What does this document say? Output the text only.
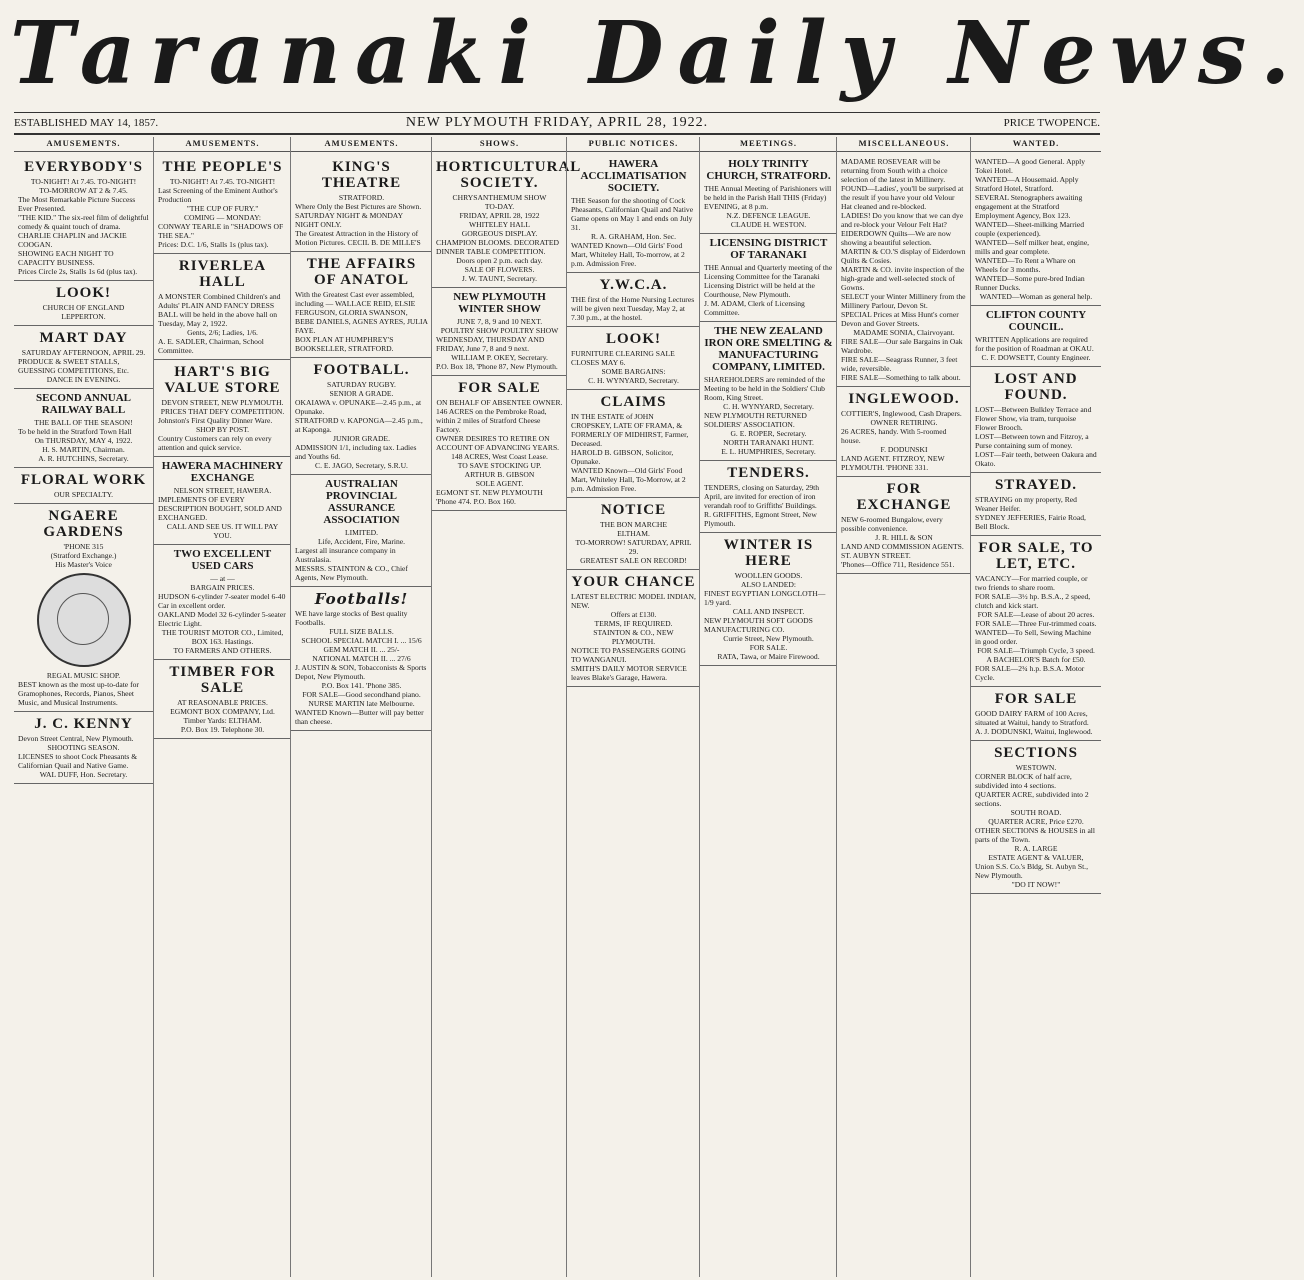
Taranaki Daily News.
ESTABLISHED MAY 14, 1857.	NEW PLYMOUTH FRIDAY, APRIL 28, 1922.	PRICE TWOPENCE.
AMUSEMENTS.
EVERYBODY'S

TO-NIGHT! At 7.45. TO-NIGHT!

TO-MORROW AT 2 & 7.45.

The Most Remarkable Picture Success Ever Presented.

"THE KID." The six-reel film of delightful comedy & quaint touch of drama.

CHARLIE CHAPLIN and JACKIE COOGAN.

SHOWING EACH NIGHT TO CAPACITY BUSINESS.

Prices Circle 2s, Stalls 1s 6d (plus tax).

LOOK!

CHURCH OF ENGLAND

LEPPERTON.

MART DAY

SATURDAY AFTERNOON, APRIL 29.

PRODUCE & SWEET STALLS, GUESSING COMPETITIONS, Etc.

DANCE IN EVENING.

SECOND ANNUAL RAILWAY BALL

THE BALL OF THE SEASON!

To be held in the Stratford Town Hall

On THURSDAY, MAY 4, 1922.

H. S. MARTIN, Chairman.

A. R. HUTCHINS, Secretary.

FLORAL WORK

OUR SPECIALTY.

NGAERE GARDENS

'PHONE 315

(Stratford Exchange.)

His Master's Voice

REGAL MUSIC SHOP.

BEST known as the most up-to-date for Gramophones, Records, Pianos, Sheet Music, and Musical Instruments.

J. C. KENNY

Devon Street Central, New Plymouth.

SHOOTING SEASON.

LICENSES to shoot Cock Pheasants & Californian Quail and Native Game.

WAL DUFF, Hon. Secretary.

AMUSEMENTS.
THE PEOPLE'S

TO-NIGHT! At 7.45. TO-NIGHT!

Last Screening of the Eminent Author's Production

"THE CUP OF FURY."

COMING — MONDAY:

CONWAY TEARLE in "SHADOWS OF THE SEA."

Prices: D.C. 1/6, Stalls 1s (plus tax).

RIVERLEA HALL

A MONSTER Combined Children's and Adults' PLAIN AND FANCY DRESS BALL will be held in the above hall on Tuesday, May 2, 1922.

Gents, 2/6; Ladies, 1/6.

A. E. SADLER, Chairman, School Committee.

HART'S BIG VALUE STORE

DEVON STREET, NEW PLYMOUTH.

PRICES THAT DEFY COMPETITION.

Johnston's First Quality Dinner Ware.

SHOP BY POST.

Country Customers can rely on every attention and quick service.

HAWERA MACHINERY EXCHANGE

NELSON STREET, HAWERA.

IMPLEMENTS OF EVERY DESCRIPTION BOUGHT, SOLD AND EXCHANGED.

CALL AND SEE US. IT WILL PAY YOU.

TWO EXCELLENT USED CARS

— at —

BARGAIN PRICES.

HUDSON 6-cylinder 7-seater model 6-40 Car in excellent order.

OAKLAND Model 32 6-cylinder 5-seater Electric Light.

THE TOURIST MOTOR CO., Limited,

BOX 163. Hastings.

TO FARMERS AND OTHERS.

TIMBER FOR SALE

AT REASONABLE PRICES.

EGMONT BOX COMPANY, Ltd.

Timber Yards: ELTHAM.

P.O. Box 19. Telephone 30.

AMUSEMENTS.
KING'S THEATRE

STRATFORD.

Where Only the Best Pictures are Shown.

SATURDAY NIGHT & MONDAY NIGHT ONLY.

The Greatest Attraction in the History of Motion Pictures. CECIL B. DE MILLE'S

THE AFFAIRS OF ANATOL

With the Greatest Cast ever assembled, including — WALLACE REID, ELSIE FERGUSON, GLORIA SWANSON, BEBE DANIELS, AGNES AYRES, JULIA FAYE.

BOX PLAN AT HUMPHREY'S BOOKSELLER, STRATFORD.

FOOTBALL.

SATURDAY RUGBY.

SENIOR A GRADE.

OKAIAWA v. OPUNAKE—2.45 p.m., at Opunake.

STRATFORD v. KAPONGA—2.45 p.m., at Kaponga.

JUNIOR GRADE.

ADMISSION 1/1, including tax. Ladies and Youths 6d.

C. E. JAGO, Secretary, S.R.U.

AUSTRALIAN PROVINCIAL ASSURANCE ASSOCIATION

LIMITED.

Life, Accident, Fire, Marine.

Largest all insurance company in Australasia.

MESSRS. STAINTON & CO., Chief Agents, New Plymouth.

Footballs!

WE have large stocks of Best quality Footballs.

FULL SIZE BALLS.

SCHOOL SPECIAL MATCH I. ... 15/6

GEM MATCH II. ... 25/-

NATIONAL MATCH II. ... 27/6

J. AUSTIN & SON, Tobacconists & Sports Depot, New Plymouth.

P.O. Box 141. 'Phone 385.

FOR SALE—Good secondhand piano.

NURSE MARTIN late Melbourne.

WANTED Known—Butter will pay better than cheese.

SHOWS.
HORTICULTURAL SOCIETY.

CHRYSANTHEMUM SHOW

TO-DAY.

FRIDAY, APRIL 28, 1922

WHITELEY HALL

GORGEOUS DISPLAY.

CHAMPION BLOOMS. DECORATED DINNER TABLE COMPETITION.

Doors open 2 p.m. each day.

SALE OF FLOWERS.

J. W. TAUNT, Secretary.

NEW PLYMOUTH WINTER SHOW

JUNE 7, 8, 9 and 10 NEXT.

POULTRY SHOW POULTRY SHOW

WEDNESDAY, THURSDAY AND FRIDAY, June 7, 8 and 9 next.

WILLIAM P. OKEY, Secretary.

P.O. Box 18, 'Phone 87, New Plymouth.

FOR SALE

ON BEHALF OF ABSENTEE OWNER.

146 ACRES on the Pembroke Road, within 2 miles of Stratford Cheese Factory.

OWNER DESIRES TO RETIRE ON ACCOUNT OF ADVANCING YEARS.

148 ACRES, West Coast Lease.

TO SAVE STOCKING UP.

ARTHUR B. GIBSON

SOLE AGENT.

EGMONT ST. NEW PLYMOUTH 'Phone 474. P.O. Box 160.

PUBLIC NOTICES.
HAWERA ACCLIMATISATION SOCIETY.

THE Season for the shooting of Cock Pheasants, Californian Quail and Native Game opens on May 1 and ends on July 31.

R. A. GRAHAM, Hon. Sec.

WANTED Known—Old Girls' Food Mart, Whiteley Hall, To-morrow, at 2 p.m. Admission Free.

Y.W.C.A.

THE first of the Home Nursing Lectures will be given next Tuesday, May 2, at 7.30 p.m., at the hostel.

LOOK!

FURNITURE CLEARING SALE CLOSES MAY 6.

SOME BARGAINS:

C. H. WYNYARD, Secretary.

CLAIMS

IN THE ESTATE of JOHN CROPSKEY, LATE OF FRAMA, & FORMERLY OF MIDHIRST, Farmer, Deceased.

HAROLD B. GIBSON, Solicitor, Opunake.

WANTED Known—Old Girls' Food Mart, Whiteley Hall, To-Morrow, at 2 p.m. Admission Free.

NOTICE

THE BON MARCHE

ELTHAM.

TO-MORROW! SATURDAY, APRIL 29.

GREATEST SALE ON RECORD!

YOUR CHANCE

LATEST ELECTRIC MODEL INDIAN, NEW.

Offers at £130.

TERMS, IF REQUIRED.

STAINTON & CO., NEW PLYMOUTH.

NOTICE TO PASSENGERS GOING TO WANGANUI.

SMITH'S DAILY MOTOR SERVICE leaves Blake's Garage, Hawera.

MEETINGS.
HOLY TRINITY CHURCH, STRATFORD.

THE Annual Meeting of Parishioners will be held in the Parish Hall THIS (Friday) EVENING, at 8 p.m.

N.Z. DEFENCE LEAGUE.

CLAUDE H. WESTON.

LICENSING DISTRICT OF TARANAKI

THE Annual and Quarterly meeting of the Licensing Committee for the Taranaki Licensing District will be held at the Courthouse, New Plymouth.

J. M. ADAM, Clerk of Licensing Committee.

THE NEW ZEALAND IRON ORE SMELTING & MANUFACTURING COMPANY, LIMITED.

SHAREHOLDERS are reminded of the Meeting to be held in the Soldiers' Club Room, King Street.

C. H. WYNYARD, Secretary.

NEW PLYMOUTH RETURNED SOLDIERS' ASSOCIATION.

G. E. ROPER, Secretary.

NORTH TARANAKI HUNT.

E. L. HUMPHRIES, Secretary.

TENDERS.

TENDERS, closing on Saturday, 29th April, are invited for erection of iron verandah roof to Griffiths' Buildings.

R. GRIFFITHS, Egmont Street, New Plymouth.

WINTER IS HERE

WOOLLEN GOODS.

ALSO LANDED:

FINEST EGYPTIAN LONGCLOTH—1/9 yard.

CALL AND INSPECT.

NEW PLYMOUTH SOFT GOODS MANUFACTURING CO.

Currie Street, New Plymouth.

FOR SALE.

RATA, Tawa, or Maire Firewood.

MISCELLANEOUS.

MADAME ROSEVEAR will be returning from South with a choice selection of the latest in Millinery.

FOUND—Ladies', you'll be surprised at the result if you have your old Velour Hat cleaned and re-blocked.

LADIES! Do you know that we can dye and re-block your Velour Felt Hat?

EIDERDOWN Quilts—We are now showing a beautiful selection.

MARTIN & CO.'S display of Eiderdown Quilts & Cosies.

MARTIN & CO. invite inspection of the high-grade and well-selected stock of Gowns.

SELECT your Winter Millinery from the Millinery Parlour, Devon St.

SPECIAL Prices at Miss Hunt's corner Devon and Gover Streets.

MADAME SONIA, Clairvoyant.

FIRE SALE—Our sale Bargains in Oak Wardrobe.

FIRE SALE—Seagrass Runner, 3 feet wide, reversible.

FIRE SALE—Something to talk about.

INGLEWOOD.

COTTIER'S, Inglewood, Cash Drapers.

OWNER RETIRING.

26 ACRES, handy. With 5-roomed house.

F. DODUNSKI

LAND AGENT. FITZROY, NEW PLYMOUTH. 'PHONE 331.

FOR EXCHANGE

NEW 6-roomed Bungalow, every possible convenience.

J. R. HILL & SON

LAND AND COMMISSION AGENTS. ST. AUBYN STREET.

'Phones—Office 711, Residence 551.

WANTED.

WANTED—A good General. Apply Tokei Hotel.

WANTED—A Housemaid. Apply Stratford Hotel, Stratford.

SEVERAL Stenographers awaiting engagement at the Stratford Employment Agency, Box 123.

WANTED—Sheet-milking Married couple (experienced).

WANTED—Self milker heat, engine, mills and gear complete.

WANTED—To Rent a Whare on Wheels for 3 months.

WANTED—Some pure-bred Indian Runner Ducks.

WANTED—Woman as general help.

CLIFTON COUNTY COUNCIL.

WRITTEN Applications are required for the position of Roadman at OKAU.

C. F. DOWSETT, County Engineer.

LOST AND FOUND.

LOST—Between Bulkley Terrace and Flower Show, via tram, turquoise Flower Brooch.

LOST—Between town and Fitzroy, a Purse containing sum of money.

LOST—Fair teeth, between Oakura and Okato.

STRAYED.

STRAYING on my property, Red Weaner Heifer.

SYDNEY JEFFERIES, Fairie Road, Bell Block.

FOR SALE, TO LET, ETC.

VACANCY—For married couple, or two friends to share room.

FOR SALE—3½ hp. B.S.A., 2 speed, clutch and kick start.

FOR SALE—Lease of about 20 acres.

FOR SALE—Three Fur-trimmed coats.

WANTED—To Sell, Sewing Machine in good order.

FOR SALE—Triumph Cycle, 3 speed.

A BACHELOR'S Batch for £50.

FOR SALE—2¾ h.p. B.S.A. Motor Cycle.

FOR SALE

GOOD DAIRY FARM of 100 Acres, situated at Waitui, handy to Stratford.

A. J. DODUNSKI, Waitui, Inglewood.

SECTIONS

WESTOWN.

CORNER BLOCK of half acre, subdivided into 4 sections.

QUARTER ACRE, subdivided into 2 sections.

SOUTH ROAD.

QUARTER ACRE, Price £270.

OTHER SECTIONS & HOUSES in all parts of the Town.

R. A. LARGE

ESTATE AGENT & VALUER,

Union S.S. Co.'s Bldg, St. Aubyn St., New Plymouth.

"DO IT NOW!"
